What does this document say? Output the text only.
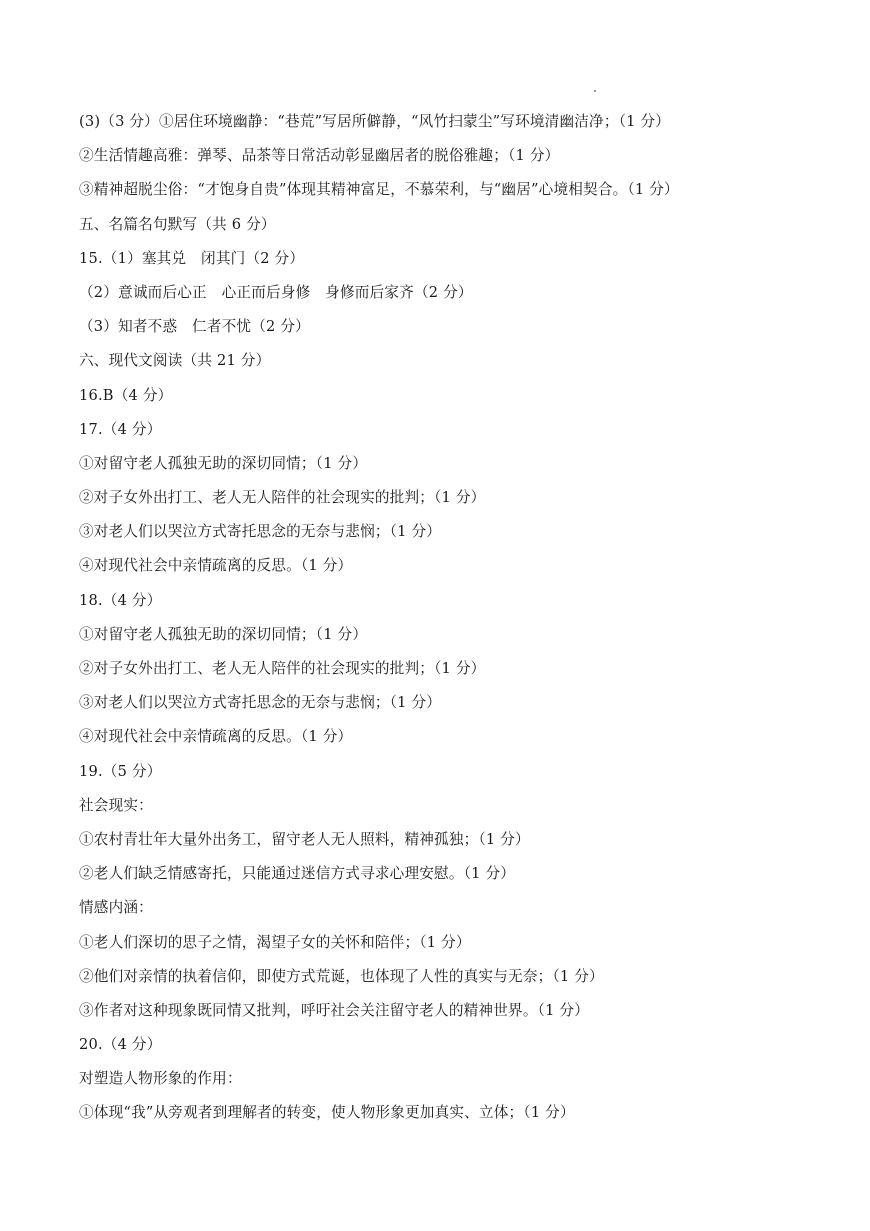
(3)（3 分）①居住环境幽静：“巷荒”写居所僻静，“风竹扫蒙尘”写环境清幽洁净；（1 分）
②生活情趣高雅：弹琴、品茶等日常活动彰显幽居者的脱俗雅趣；（1 分）
③精神超脱尘俗：“才饱身自贵”体现其精神富足，不慕荣利，与“幽居”心境相契合。（1 分）
五、名篇名句默写（共 6 分）
15.（1）塞其兑　闭其门（2 分）
（2）意诚而后心正　心正而后身修　身修而后家齐（2 分）
（3）知者不惑　仁者不忧（2 分）
六、现代文阅读（共 21 分）
16.B（4 分）
17.（4 分）
①对留守老人孤独无助的深切同情；（1 分）
②对子女外出打工、老人无人陪伴的社会现实的批判；（1 分）
③对老人们以哭泣方式寄托思念的无奈与悲悯；（1 分）
④对现代社会中亲情疏离的反思。（1 分）
18.（4 分）
①对留守老人孤独无助的深切同情；（1 分）
②对子女外出打工、老人无人陪伴的社会现实的批判；（1 分）
③对老人们以哭泣方式寄托思念的无奈与悲悯；（1 分）
④对现代社会中亲情疏离的反思。（1 分）
19.（5 分）
社会现实：
①农村青壮年大量外出务工，留守老人无人照料，精神孤独；（1 分）
②老人们缺乏情感寄托，只能通过迷信方式寻求心理安慰。（1 分）
情感内涵：
①老人们深切的思子之情，渴望子女的关怀和陪伴；（1 分）
②他们对亲情的执着信仰，即使方式荒诞，也体现了人性的真实与无奈；（1 分）
③作者对这种现象既同情又批判，呼吁社会关注留守老人的精神世界。（1 分）
20.（4 分）
对塑造人物形象的作用：
①体现“我”从旁观者到理解者的转变，使人物形象更加真实、立体；（1 分）
